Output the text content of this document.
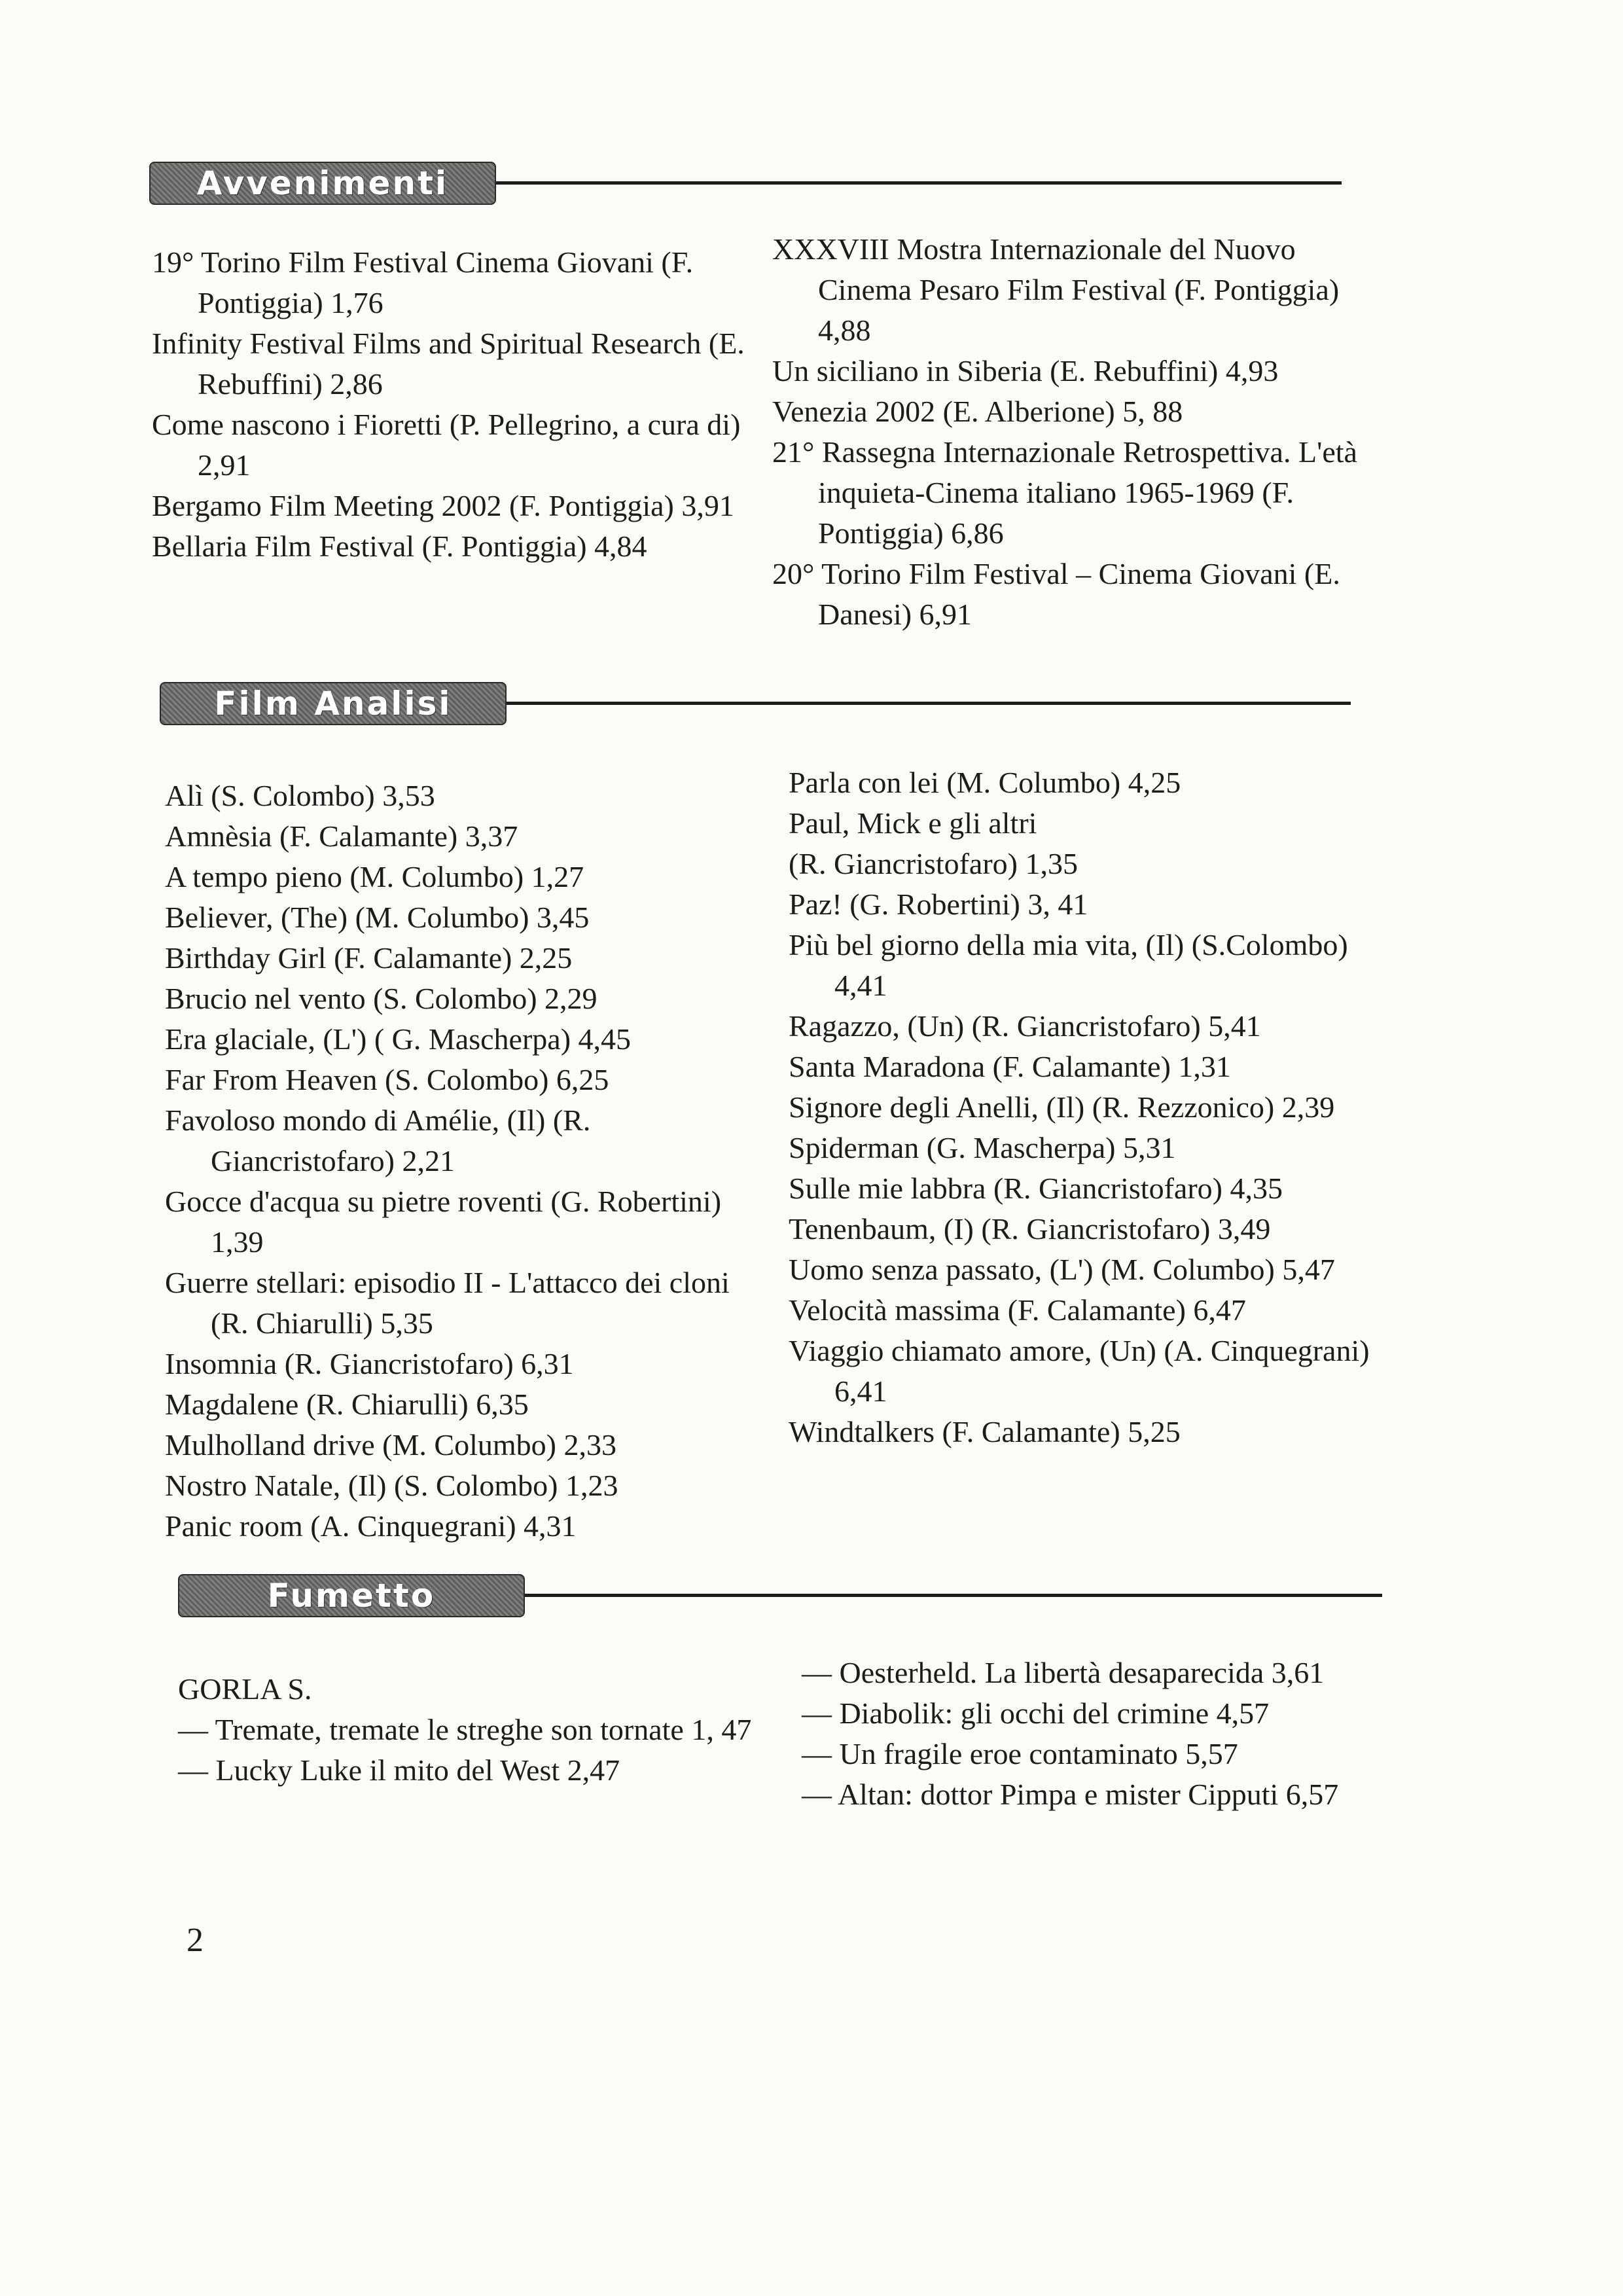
Avvenimenti
19° Torino Film Festival Cinema Giovani (F. Pontiggia) 1,76
Infinity Festival Films and Spiritual Research (E. Rebuffini) 2,86
Come nascono i Fioretti (P. Pellegrino, a cura di) 2,91
Bergamo Film Meeting 2002 (F. Pontiggia) 3,91
Bellaria Film Festival (F. Pontiggia) 4,84
XXXVIII Mostra Internazionale del Nuovo Cinema Pesaro Film Festival (F. Pontiggia) 4,88
Un siciliano in Siberia (E. Rebuffini) 4,93
Venezia 2002 (E. Alberione) 5, 88
21° Rassegna Internazionale Retrospettiva. L'età inquieta-Cinema italiano 1965-1969 (F. Pontiggia) 6,86
20° Torino Film Festival – Cinema Giovani (E. Danesi) 6,91
Film Analisi
Alì (S. Colombo) 3,53
Amnèsia (F. Calamante) 3,37
A tempo pieno (M. Columbo) 1,27
Believer, (The) (M. Columbo) 3,45
Birthday Girl (F. Calamante) 2,25
Brucio nel vento (S. Colombo) 2,29
Era glaciale, (L') ( G. Mascherpa) 4,45
Far From Heaven (S. Colombo) 6,25
Favoloso mondo di Amélie, (Il) (R. Giancristofaro) 2,21
Gocce d'acqua su pietre roventi (G. Robertini) 1,39
Guerre stellari: episodio II - L'attacco dei cloni (R. Chiarulli) 5,35
Insomnia (R. Giancristofaro) 6,31
Magdalene (R. Chiarulli) 6,35
Mulholland drive (M. Columbo) 2,33
Nostro Natale, (Il) (S. Colombo) 1,23
Panic room (A. Cinquegrani) 4,31
Parla con lei (M. Columbo) 4,25
Paul, Mick e gli altri
(R. Giancristofaro) 1,35
Paz! (G. Robertini) 3, 41
Più bel giorno della mia vita, (Il) (S.Colombo) 4,41
Ragazzo, (Un) (R. Giancristofaro) 5,41
Santa Maradona (F. Calamante) 1,31
Signore degli Anelli, (Il) (R. Rezzonico) 2,39
Spiderman (G. Mascherpa) 5,31
Sulle mie labbra (R. Giancristofaro) 4,35
Tenenbaum, (I) (R. Giancristofaro) 3,49
Uomo senza passato, (L') (M. Columbo) 5,47
Velocità massima (F. Calamante) 6,47
Viaggio chiamato amore, (Un) (A. Cinquegrani) 6,41
Windtalkers (F. Calamante) 5,25
Fumetto
GORLA S.
— Tremate, tremate le streghe son tornate 1, 47
— Lucky Luke il mito del West 2,47
— Oesterheld. La libertà desaparecida 3,61
— Diabolik: gli occhi del crimine 4,57
— Un fragile eroe contaminato 5,57
— Altan: dottor Pimpa e mister Cipputi 6,57
2
